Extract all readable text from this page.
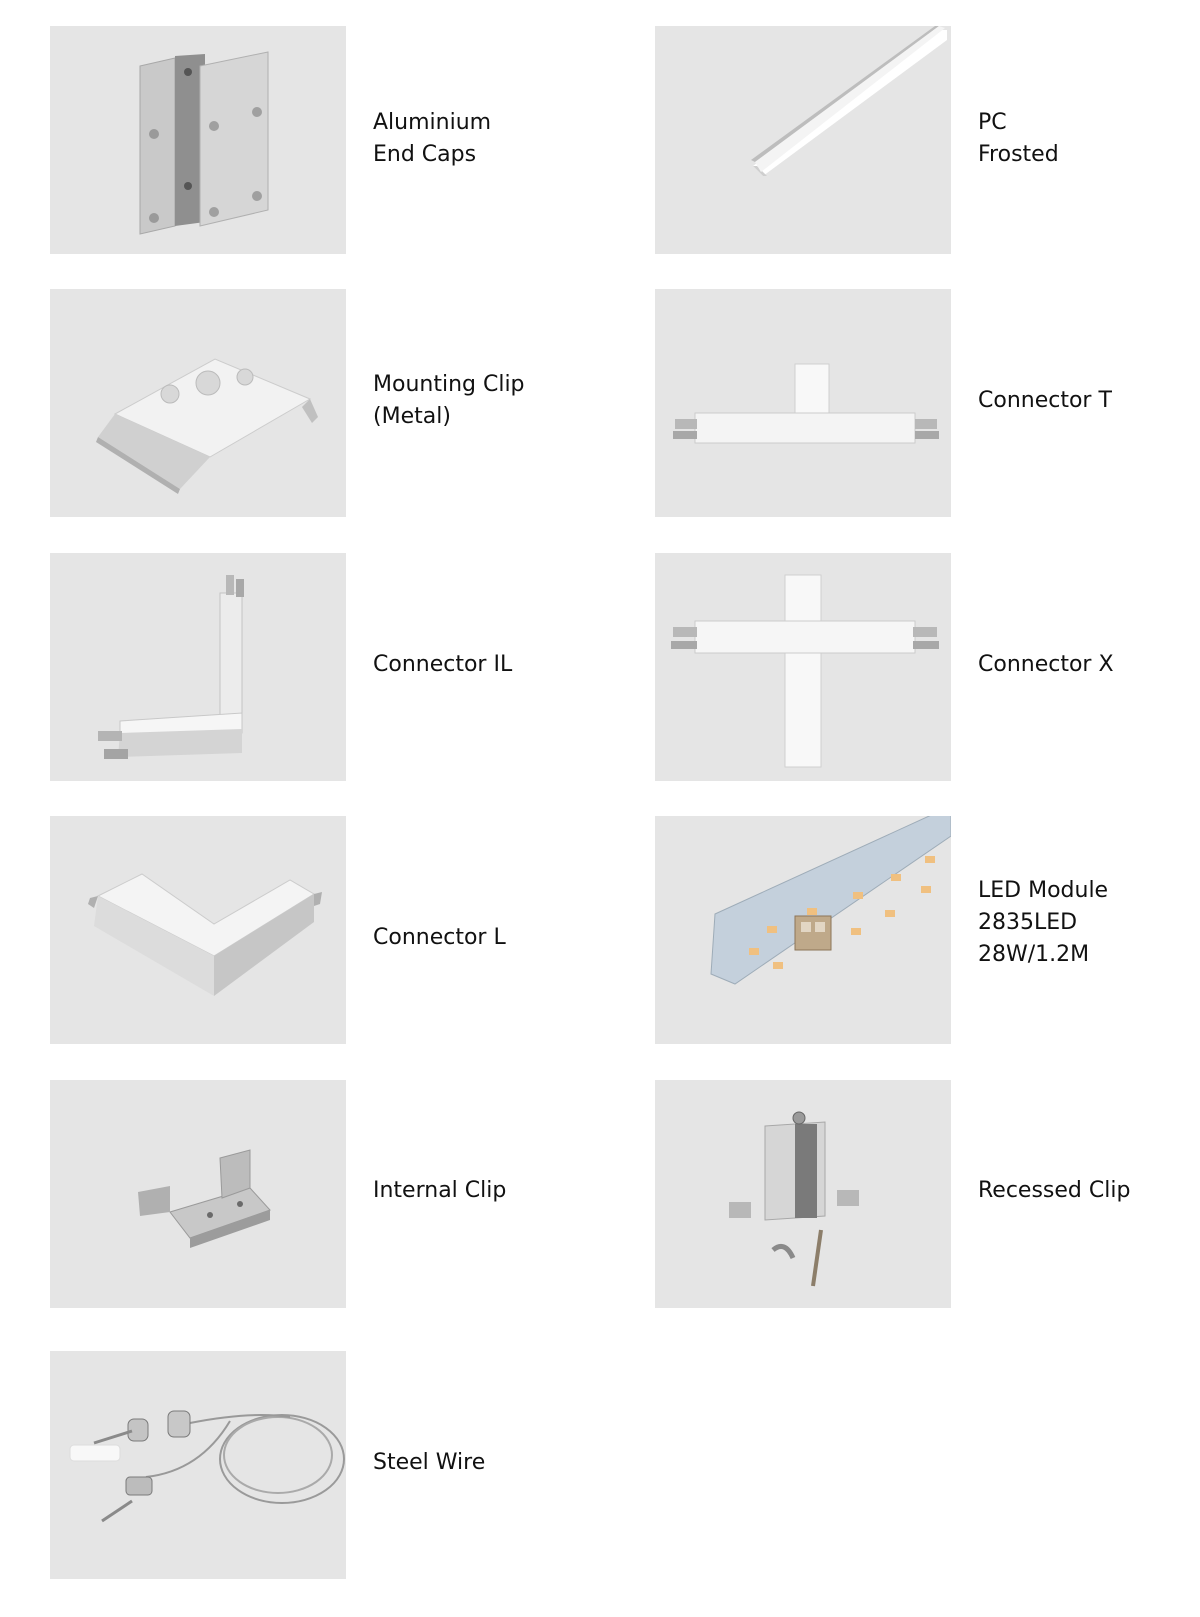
Aluminium
End Caps
PC
Frosted
Mounting Clip
(Metal)
Connector T
Connector IL	Connector X
Connector L
LED Module
2835LED
28W/1.2M
Internal Clip	Recessed Clip
Steel Wire
